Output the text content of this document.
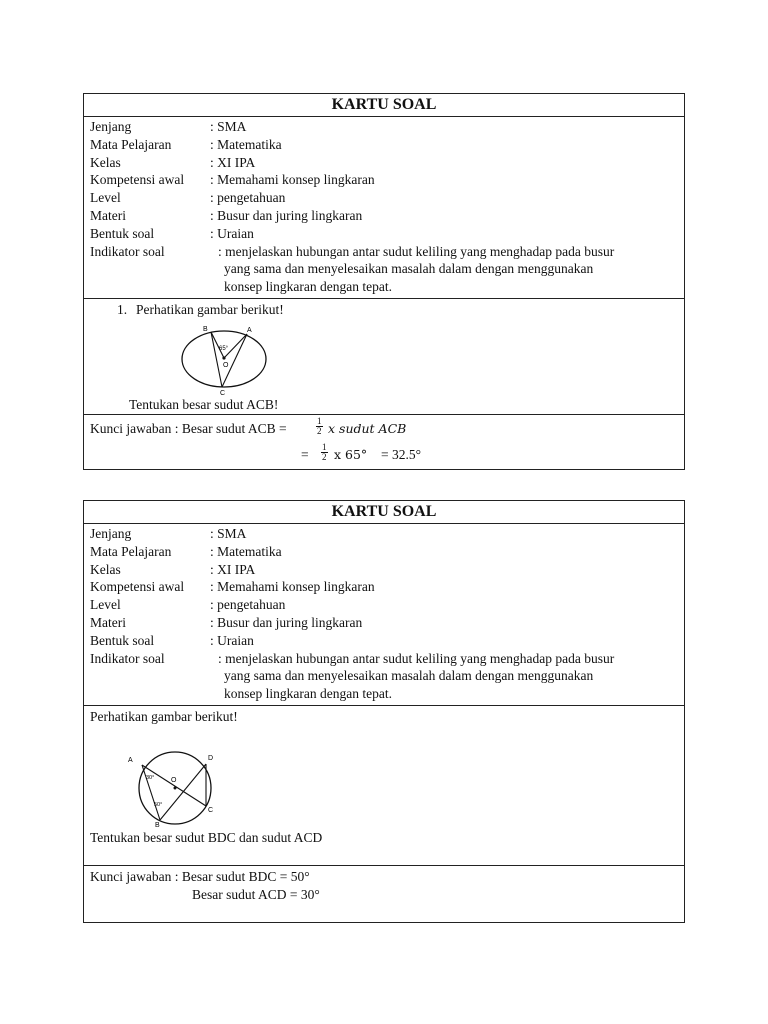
KARTU SOAL
Jenjang	: SMA
Mata Pelajaran	: Matematika
Kelas	: XI IPA
Kompetensi awal	: Memahami konsep lingkaran
Level	: pengetahuan
Materi	: Busur dan juring lingkaran
Bentuk soal	: Uraian
Indikator soal	: menjelaskan hubungan antar sudut keliling yang menghadap pada busur
yang sama dan menyelesaikan masalah dalam dengan menggunakan
konsep lingkaran dengan tepat.
1. Perhatikan gambar berikut!
B	A
65°
O
C
Tentukan besar sudut ACB!
Kunci jawaban : Besar sudut ACB =	$\frac{1}{2}$ x sudut ACB
= $\frac{1}{2}$ x 65° = 32.5°
KARTU SOAL
Jenjang	: SMA
Mata Pelajaran	: Matematika
Kelas	: XI IPA
Kompetensi awal	: Memahami konsep lingkaran
Level	: pengetahuan
Materi	: Busur dan juring lingkaran
Bentuk soal	: Uraian
Indikator soal	: menjelaskan hubungan antar sudut keliling yang menghadap pada busur
yang sama dan menyelesaikan masalah dalam dengan menggunakan
konsep lingkaran dengan tepat.
Perhatikan gambar berikut!
A	D
C
B
O
30°
50°
Tentukan besar sudut BDC dan sudut ACD
Kunci jawaban : Besar sudut BDC = 50°
Besar sudut ACD = 30°
